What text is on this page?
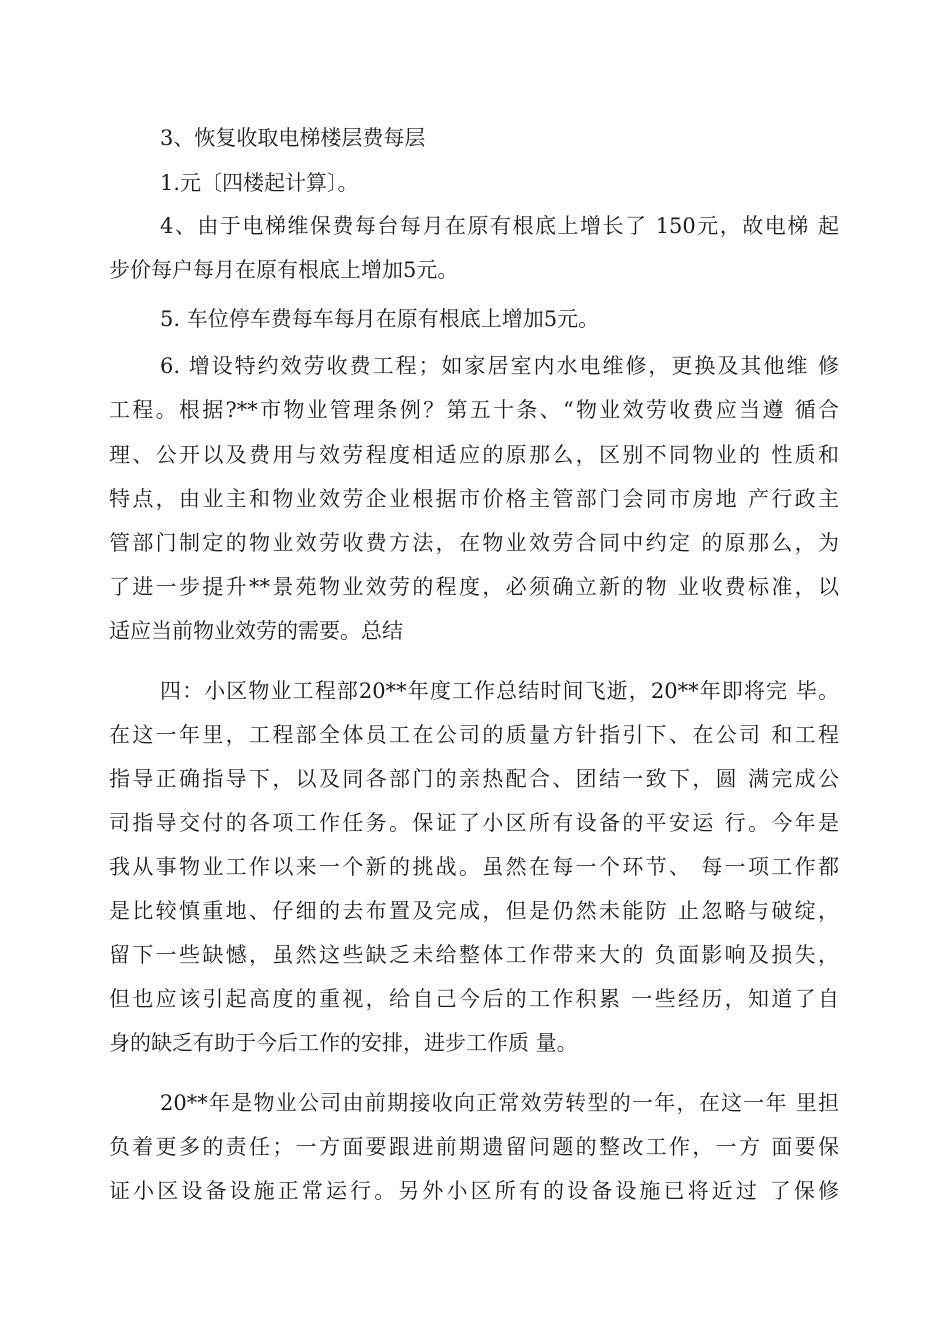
3、恢复收取电梯楼层费每层
1.元〔四楼起计算〕。
4、由于电梯维保费每台每月在原有根底上增长了 150元，故电梯 起
步价每户每月在原有根底上增加5元。
5. 车位停车费每车每月在原有根底上增加5元。
6. 增设特约效劳收费工程；如家居室内水电维修，更换及其他维 修
工程。根据?**市物业管理条例？第五十条、“物业效劳收费应当遵 循合
理、公开以及费用与效劳程度相适应的原那么，区别不同物业的 性质和
特点，由业主和物业效劳企业根据市价格主管部门会同市房地 产行政主
管部门制定的物业效劳收费方法，在物业效劳合同中约定 的原那么，为
了进一步提升**景苑物业效劳的程度，必须确立新的物 业收费标准，以
适应当前物业效劳的需要。总结
四：小区物业工程部20**年度工作总结时间飞逝，20**年即将完 毕。
在这一年里，工程部全体员工在公司的质量方针指引下、在公司 和工程
指导正确指导下，以及同各部门的亲热配合、团结一致下，圆 满完成公
司指导交付的各项工作任务。保证了小区所有设备的平安运 行。今年是
我从事物业工作以来一个新的挑战。虽然在每一个环节、 每一项工作都
是比较慎重地、仔细的去布置及完成，但是仍然未能防 止忽略与破绽，
留下一些缺憾，虽然这些缺乏未给整体工作带来大的 负面影响及损失，
但也应该引起高度的重视，给自己今后的工作积累 一些经历，知道了自
身的缺乏有助于今后工作的安排，进步工作质 量。
20**年是物业公司由前期接收向正常效劳转型的一年，在这一年 里担
负着更多的责任；一方面要跟进前期遗留问题的整改工作，一方 面要保
证小区设备设施正常运行。另外小区所有的设备设施已将近过 了保修
